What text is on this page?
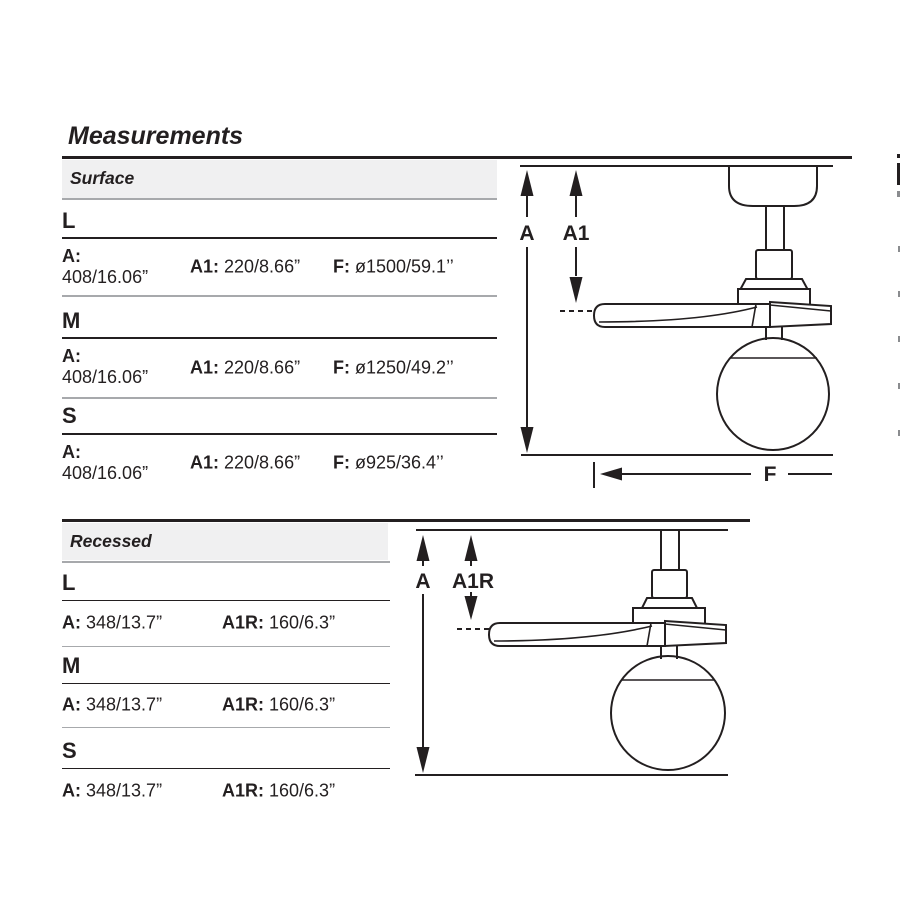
Measurements
Surface
L
A:
408/16.06”
A1: 220/8.66” F: ø1500/59.1’’
M
A:
408/16.06” A1: 220/8.66” F: ø1250/49.2’’
S
A:
408/16.06”
A1: 220/8.66” F: ø925/36.4’’
A A1
F
Recessed
L
A: 348/13.7”	A1R: 160/6.3”
M
A: 348/13.7”	A1R: 160/6.3”
S
A: 348/13.7”	A1R: 160/6.3”
A A1R
